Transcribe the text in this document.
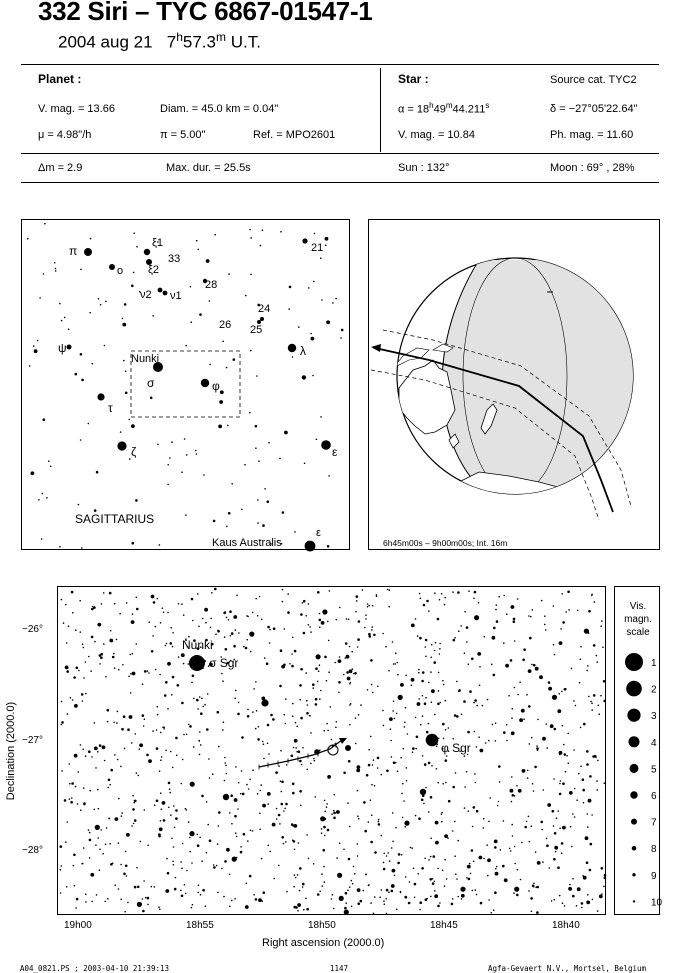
332 Siri – TYC 6867-01547-1
2004 aug 21 7$^h$57.3$^m$ U.T.
Planet :
V. mag. = 13.66	Diam. = 45.0 km = 0.04"
μ = 4.98"/h	π = 5.00"	Ref. = MPO2601
Δm = 2.9	Max. dur. = 25.5s
Star :	Source cat. TYC2
$\alpha = 18^h49^m44.211^s$	δ = −27°05'22.64"
V. mag. = 10.84	Ph. mag. = 11.60
Sun : 132°	Moon : 69° , 28%
π
ξ1
33
ξ2
o
21
28
ν2 ν1
24
26 25
ψ	λ
Nunki
σ	φ
τ
ζ	ε
SAGITTARIUS
Kaus Australis
ε
6h45m00s – 9h00m00s; Int. 16m
Declination (2000.0)
−26°
−27°
−28°
Nunki
σ Sgr
φ Sgr
19h00	18h55	18h50	18h45	18h40
Right ascension (2000.0)
Vis.
magn.
scale
1
2
3
4
5
6
7
8
9
10
A04_0821.PS ; 2003-04-10 21:39:13	1147	Agfa-Gevaert N.V., Mortsel, Belgium
